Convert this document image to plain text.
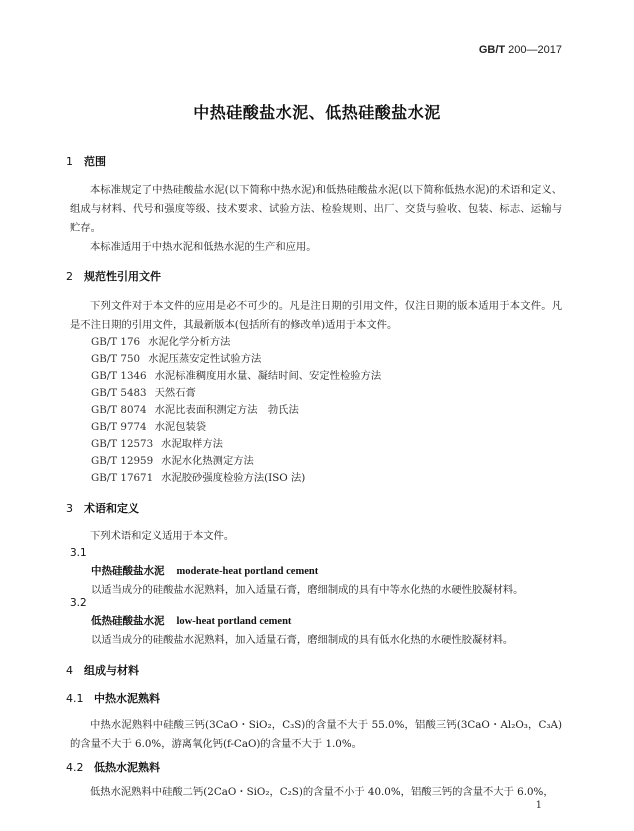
GB/T 200—2017
中热硅酸盐水泥、低热硅酸盐水泥
1 范围
本标准规定了中热硅酸盐水泥(以下简称中热水泥)和低热硅酸盐水泥(以下简称低热水泥)的术语和定义、组成与材料、代号和强度等级、技术要求、试验方法、检验规则、出厂、交货与验收、包装、标志、运输与贮存。
本标准适用于中热水泥和低热水泥的生产和应用。
2 规范性引用文件
下列文件对于本文件的应用是必不可少的。凡是注日期的引用文件，仅注日期的版本适用于本文件。凡是不注日期的引用文件，其最新版本(包括所有的修改单)适用于本文件。
GB/T 176 水泥化学分析方法
GB/T 750 水泥压蒸安定性试验方法
GB/T 1346 水泥标准稠度用水量、凝结时间、安定性检验方法
GB/T 5483 天然石膏
GB/T 8074 水泥比表面积测定方法　勃氏法
GB/T 9774 水泥包装袋
GB/T 12573 水泥取样方法
GB/T 12959 水泥水化热测定方法
GB/T 17671 水泥胶砂强度检验方法(ISO 法)
3 术语和定义
下列术语和定义适用于本文件。
3.1
中热硅酸盐水泥 moderate-heat portland cement
以适当成分的硅酸盐水泥熟料，加入适量石膏，磨细制成的具有中等水化热的水硬性胶凝材料。
3.2
低热硅酸盐水泥 low-heat portland cement
以适当成分的硅酸盐水泥熟料，加入适量石膏，磨细制成的具有低水化热的水硬性胶凝材料。
4 组成与材料
4.1 中热水泥熟料
中热水泥熟料中硅酸三钙(3CaO・SiO₂，C₃S)的含量不大于 55.0%，铝酸三钙(3CaO・Al₂O₃，C₃A)的含量不大于 6.0%，游离氧化钙(f-CaO)的含量不大于 1.0%。
4.2 低热水泥熟料
低热水泥熟料中硅酸二钙(2CaO・SiO₂，C₂S)的含量不小于 40.0%，铝酸三钙的含量不大于 6.0%，
1
